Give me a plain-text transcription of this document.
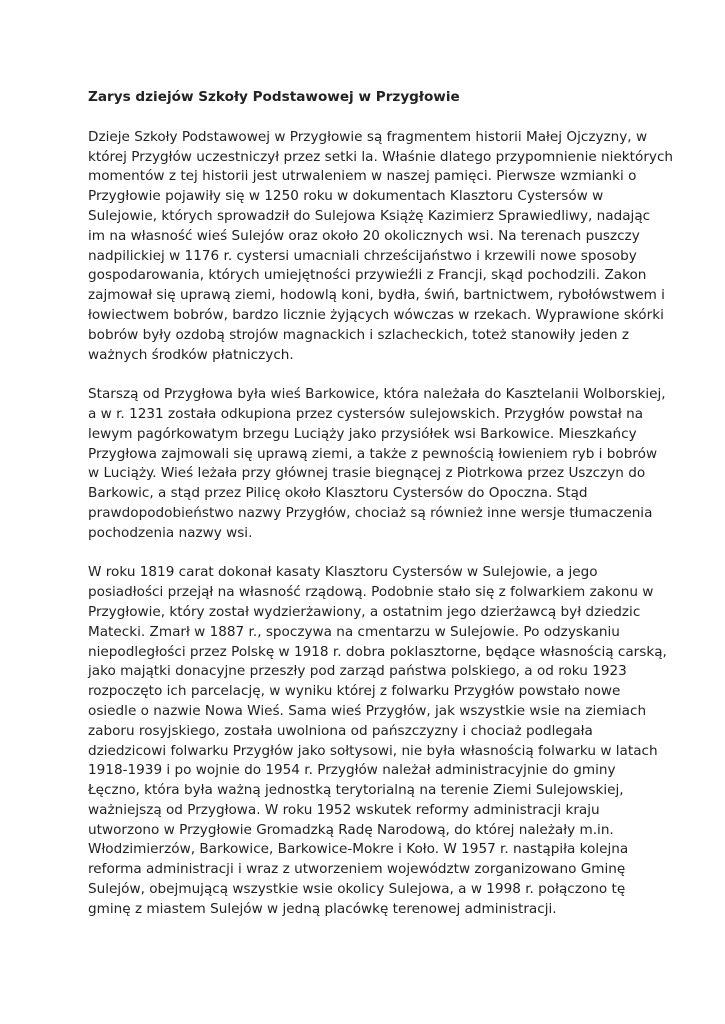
Zarys dziejów Szkoły Podstawowej w Przygłowie
Dzieje Szkoły Podstawowej w Przygłowie są fragmentem historii Małej Ojczyzny, w
której Przygłów uczestniczył przez setki la. Właśnie dlatego przypomnienie niektórych
momentów z tej historii jest utrwaleniem w naszej pamięci. Pierwsze wzmianki o
Przygłowie pojawiły się w 1250 roku w dokumentach Klasztoru Cystersów w
Sulejowie, których sprowadził do Sulejowa Książę Kazimierz Sprawiedliwy, nadając
im na własność wieś Sulejów oraz około 20 okolicznych wsi. Na terenach puszczy
nadpilickiej w 1176 r. cystersi umacniali chrześcijaństwo i krzewili nowe sposoby
gospodarowania, których umiejętności przywieźli z Francji, skąd pochodzili. Zakon
zajmował się uprawą ziemi, hodowlą koni, bydła, świń, bartnictwem, rybołówstwem i
łowiectwem bobrów, bardzo licznie żyjących wówczas w rzekach. Wyprawione skórki
bobrów były ozdobą strojów magnackich i szlacheckich, toteż stanowiły jeden z
ważnych środków płatniczych.
Starszą od Przygłowa była wieś Barkowice, która należała do Kasztelanii Wolborskiej,
a w r. 1231 została odkupiona przez cystersów sulejowskich. Przygłów powstał na
lewym pagórkowatym brzegu Luciąży jako przysiółek wsi Barkowice. Mieszkańcy
Przygłowa zajmowali się uprawą ziemi, a także z pewnością łowieniem ryb i bobrów
w Luciąży. Wieś leżała przy głównej trasie biegnącej z Piotrkowa przez Uszczyn do
Barkowic, a stąd przez Pilicę około Klasztoru Cystersów do Opoczna. Stąd
prawdopodobieństwo nazwy Przygłów, chociaż są również inne wersje tłumaczenia
pochodzenia nazwy wsi.
W roku 1819 carat dokonał kasaty Klasztoru Cystersów w Sulejowie, a jego
posiadłości przejął na własność rządową. Podobnie stało się z folwarkiem zakonu w
Przygłowie, który został wydzierżawiony, a ostatnim jego dzierżawcą był dziedzic
Matecki. Zmarł w 1887 r., spoczywa na cmentarzu w Sulejowie. Po odzyskaniu
niepodległości przez Polskę w 1918 r. dobra poklasztorne, będące własnością carską,
jako majątki donacyjne przeszły pod zarząd państwa polskiego, a od roku 1923
rozpoczęto ich parcelację, w wyniku której z folwarku Przygłów powstało nowe
osiedle o nazwie Nowa Wieś. Sama wieś Przygłów, jak wszystkie wsie na ziemiach
zaboru rosyjskiego, została uwolniona od pańszczyzny i chociaż podlegała
dziedzicowi folwarku Przygłów jako sołtysowi, nie była własnością folwarku w latach
1918-1939 i po wojnie do 1954 r. Przygłów należał administracyjnie do gminy
Łęczno, która była ważną jednostką terytorialną na terenie Ziemi Sulejowskiej,
ważniejszą od Przygłowa. W roku 1952 wskutek reformy administracji kraju
utworzono w Przygłowie Gromadzką Radę Narodową, do której należały m.in.
Włodzimierzów, Barkowice, Barkowice-Mokre i Koło. W 1957 r. nastąpiła kolejna
reforma administracji i wraz z utworzeniem województw zorganizowano Gminę
Sulejów, obejmującą wszystkie wsie okolicy Sulejowa, a w 1998 r. połączono tę
gminę z miastem Sulejów w jedną placówkę terenowej administracji.
